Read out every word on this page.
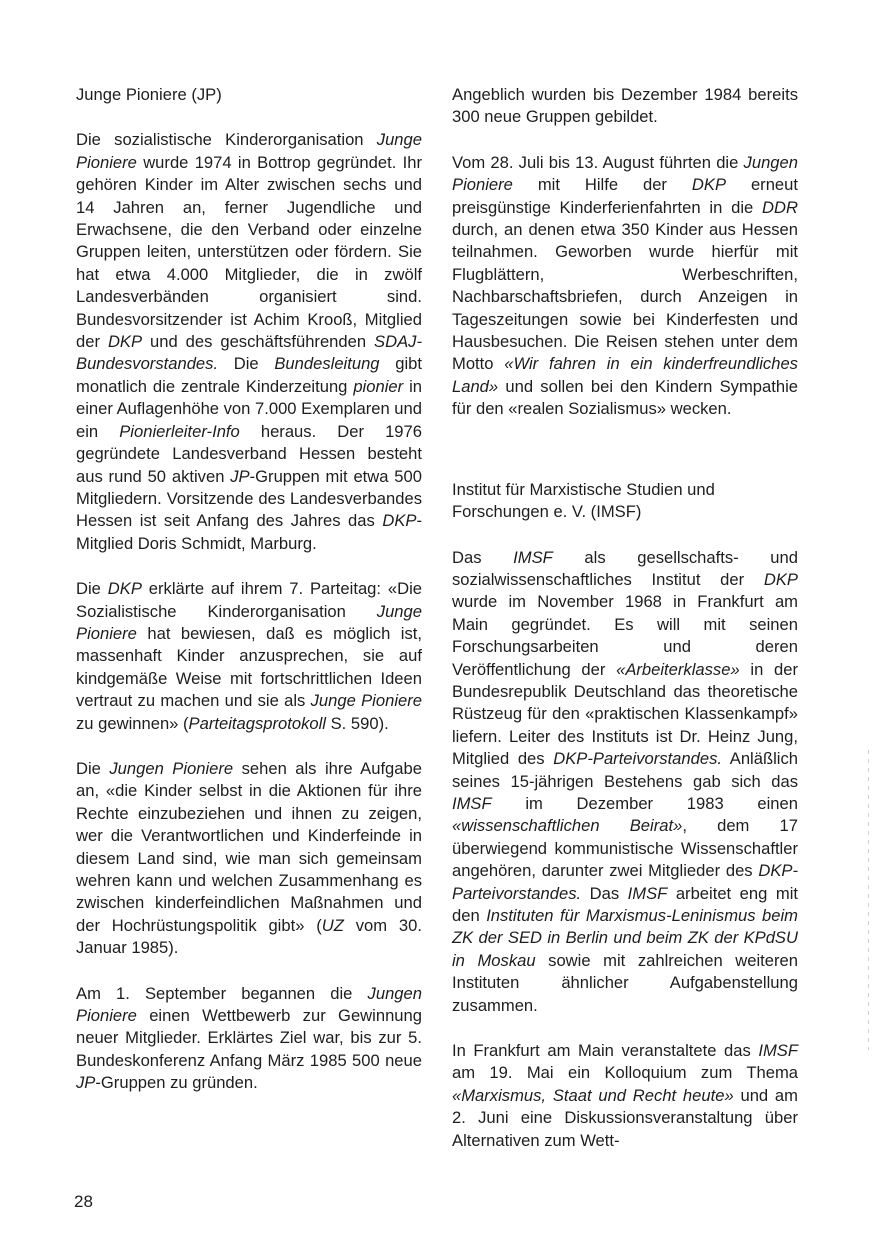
Junge Pioniere (JP)

Die sozialistische Kinderorganisation Junge Pioniere wurde 1974 in Bottrop gegründet. Ihr gehören Kinder im Alter zwischen sechs und 14 Jahren an, ferner Jugendliche und Erwachsene, die den Verband oder einzelne Gruppen leiten, unterstützen oder fördern. Sie hat etwa 4.000 Mitglieder, die in zwölf Landesverbänden organisiert sind. Bundesvorsitzender ist Achim Krooß, Mitglied der DKP und des geschäftsführenden SDAJ-Bundesvorstandes. Die Bundesleitung gibt monatlich die zentrale Kinderzeitung pionier in einer Auflagenhöhe von 7.000 Exemplaren und ein Pionierleiter-Info heraus. Der 1976 gegründete Landesverband Hessen besteht aus rund 50 aktiven JP-Gruppen mit etwa 500 Mitgliedern. Vorsitzende des Landesverbandes Hessen ist seit Anfang des Jahres das DKP-Mitglied Doris Schmidt, Marburg.

Die DKP erklärte auf ihrem 7. Parteitag: «Die Sozialistische Kinderorganisation Junge Pioniere hat bewiesen, daß es möglich ist, massenhaft Kinder anzusprechen, sie auf kindgemäße Weise mit fortschrittlichen Ideen vertraut zu machen und sie als Junge Pioniere zu gewinnen» (Parteitagsprotokoll S. 590).

Die Jungen Pioniere sehen als ihre Aufgabe an, «die Kinder selbst in die Aktionen für ihre Rechte einzubeziehen und ihnen zu zeigen, wer die Verantwortlichen und Kinderfeinde in diesem Land sind, wie man sich gemeinsam wehren kann und welchen Zusammenhang es zwischen kinderfeindlichen Maßnahmen und der Hochrüstungspolitik gibt» (UZ vom 30. Januar 1985).

Am 1. September begannen die Jungen Pioniere einen Wettbewerb zur Gewinnung neuer Mitglieder. Erklärtes Ziel war, bis zur 5. Bundeskonferenz Anfang März 1985 500 neue JP-Gruppen zu gründen.

Angeblich wurden bis Dezember 1984 bereits 300 neue Gruppen gebildet.

Vom 28. Juli bis 13. August führten die Jungen Pioniere mit Hilfe der DKP erneut preisgünstige Kinderferienfahrten in die DDR durch, an denen etwa 350 Kinder aus Hessen teilnahmen. Geworben wurde hierfür mit Flugblättern, Werbeschriften, Nachbarschaftsbriefen, durch Anzeigen in Tageszeitungen sowie bei Kinderfesten und Hausbesuchen. Die Reisen stehen unter dem Motto «Wir fahren in ein kinderfreundliches Land» und sollen bei den Kindern Sympathie für den «realen Sozialismus» wecken.

Institut für Marxistische Studien und Forschungen e. V. (IMSF)

Das IMSF als gesellschafts- und sozialwissenschaftliches Institut der DKP wurde im November 1968 in Frankfurt am Main gegründet. Es will mit seinen Forschungsarbeiten und deren Veröffentlichung der «Arbeiterklasse» in der Bundesrepublik Deutschland das theoretische Rüstzeug für den «praktischen Klassenkampf» liefern. Leiter des Instituts ist Dr. Heinz Jung, Mitglied des DKP-Parteivorstandes. Anläßlich seines 15-jährigen Bestehens gab sich das IMSF im Dezember 1983 einen «wissenschaftlichen Beirat», dem 17 überwiegend kommunistische Wissenschaftler angehören, darunter zwei Mitglieder des DKP-Parteivorstandes. Das IMSF arbeitet eng mit den Instituten für Marxismus-Leninismus beim ZK der SED in Berlin und beim ZK der KPdSU in Moskau sowie mit zahlreichen weiteren Instituten ähnlicher Aufgabenstellung zusammen.

In Frankfurt am Main veranstaltete das IMSF am 19. Mai ein Kolloquium zum Thema «Marxismus, Staat und Recht heute» und am 2. Juni eine Diskussionsveranstaltung über Alternativen zum Wett-

28
